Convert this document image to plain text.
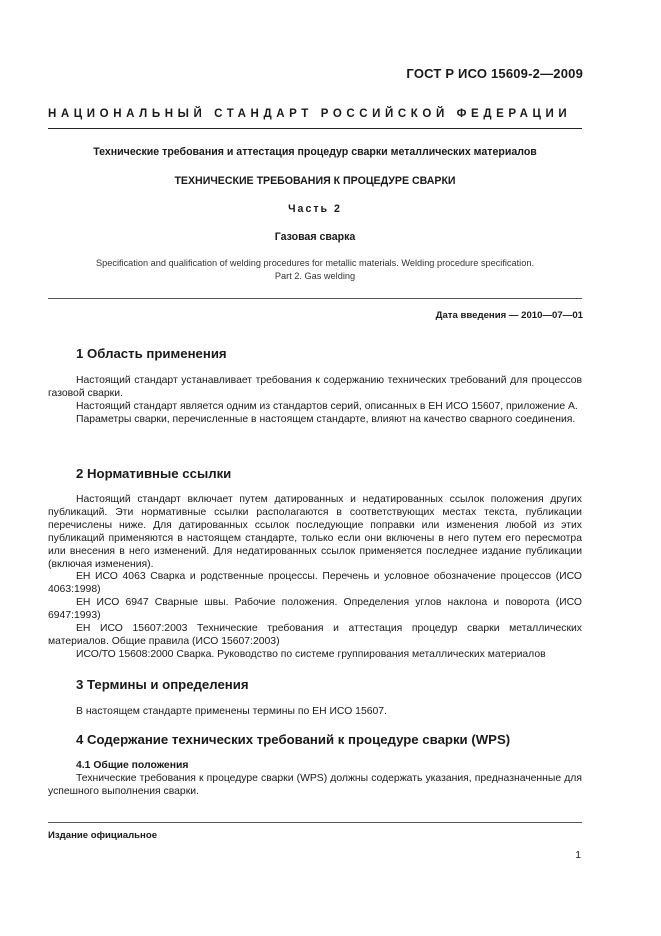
ГОСТ Р ИСО 15609-2—2009
НАЦИОНАЛЬНЫЙ СТАНДАРТ РОССИЙСКОЙ ФЕДЕРАЦИИ
Технические требования и аттестация процедур сварки металлических материалов
ТЕХНИЧЕСКИЕ ТРЕБОВАНИЯ К ПРОЦЕДУРЕ СВАРКИ
Часть 2
Газовая сварка
Specification and qualification of welding procedures for metallic materials. Welding procedure specification.
Part 2. Gas welding
Дата введения — 2010—07—01
1 Область применения

Настоящий стандарт устанавливает требования к содержанию технических требований для процессов газовой сварки.

Настоящий стандарт является одним из стандартов серий, описанных в ЕН ИСО 15607, приложение А.

Параметры сварки, перечисленные в настоящем стандарте, влияют на качество сварного соединения.

2 Нормативные ссылки

Настоящий стандарт включает путем датированных и недатированных ссылок положения других публикаций. Эти нормативные ссылки располагаются в соответствующих местах текста, публикации перечислены ниже. Для датированных ссылок последующие поправки или изменения любой из этих публикаций применяются в настоящем стандарте, только если они включены в него путем его пересмотра или внесения в него изменений. Для недатированных ссылок применяется последнее издание публикации (включая изменения).

ЕН ИСО 4063 Сварка и родственные процессы. Перечень и условное обозначение процессов (ИСО 4063:1998)

ЕН ИСО 6947 Сварные швы. Рабочие положения. Определения углов наклона и поворота (ИСО 6947:1993)

ЕН ИСО 15607:2003 Технические требования и аттестация процедур сварки металлических материалов. Общие правила (ИСО 15607:2003)

ИСО/ТО 15608:2000 Сварка. Руководство по системе группирования металлических материалов

3 Термины и определения

В настоящем стандарте применены термины по ЕН ИСО 15607.

4 Содержание технических требований к процедуре сварки (WPS)
4.1 Общие положения

Технические требования к процедуре сварки (WPS) должны содержать указания, предназначенные для успешного выполнения сварки.

Издание официальное
1
